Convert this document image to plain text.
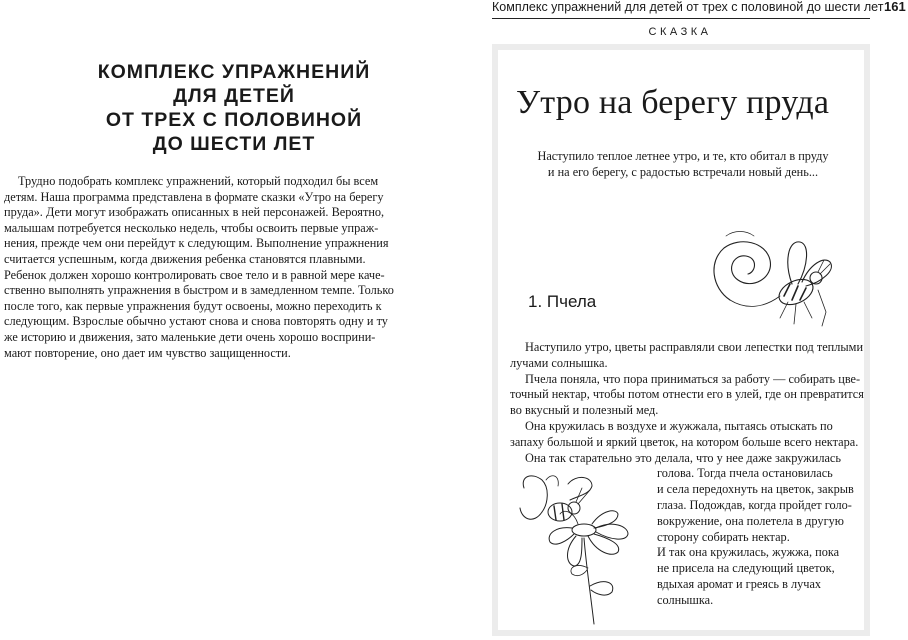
Комплекс упражнений для детей от трех с половиной до шести лет 161
КОМПЛЕКС УПРАЖНЕНИЙ
ДЛЯ ДЕТЕЙ
ОТ ТРЕХ С ПОЛОВИНОЙ
ДО ШЕСТИ ЛЕТ
Трудно подобрать комплекс упражнений, который подходил бы всем
детям. Наша программа представлена в формате сказки «Утро на берегу
пруда». Дети могут изображать описанных в ней персонажей. Вероятно,
малышам потребуется несколько недель, чтобы освоить первые упраж-
нения, прежде чем они перейдут к следующим. Выполнение упражнения
считается успешным, когда движения ребенка становятся плавными.
Ребенок должен хорошо контролировать свое тело и в равной мере каче-
ственно выполнять упражнения в быстром и в замедленном темпе. Только
после того, как первые упражнения будут освоены, можно переходить к
следующим. Взрослые обычно устают снова и снова повторять одну и ту
же историю и движения, зато маленькие дети очень хорошо восприни-
мают повторение, оно дает им чувство защищенности.
СКАЗКА
Утро на берегу пруда
Наступило теплое летнее утро, и те, кто обитал в пруду
и на его берегу, с радостью встречали новый день...
1. Пчела
Наступило утро, цветы расправляли свои лепестки под теплыми
лучами солнышка.
Пчела поняла, что пора приниматься за работу — собирать цве-
точный нектар, чтобы потом отнести его в улей, где он превратится
во вкусный и полезный мед.
Она кружилась в воздухе и жужжала, пытаясь отыскать по
запаху большой и яркий цветок, на котором больше всего нектара.
Она так старательно это делала, что у нее даже закружилась
голова. Тогда пчела остановилась
и села передохнуть на цветок, закрыв
глаза. Подождав, когда пройдет голо-
вокружение, она полетела в другую
сторону собирать нектар.
И так она кружилась, жужжа, пока
не присела на следующий цветок,
вдыхая аромат и греясь в лучах
солнышка.
